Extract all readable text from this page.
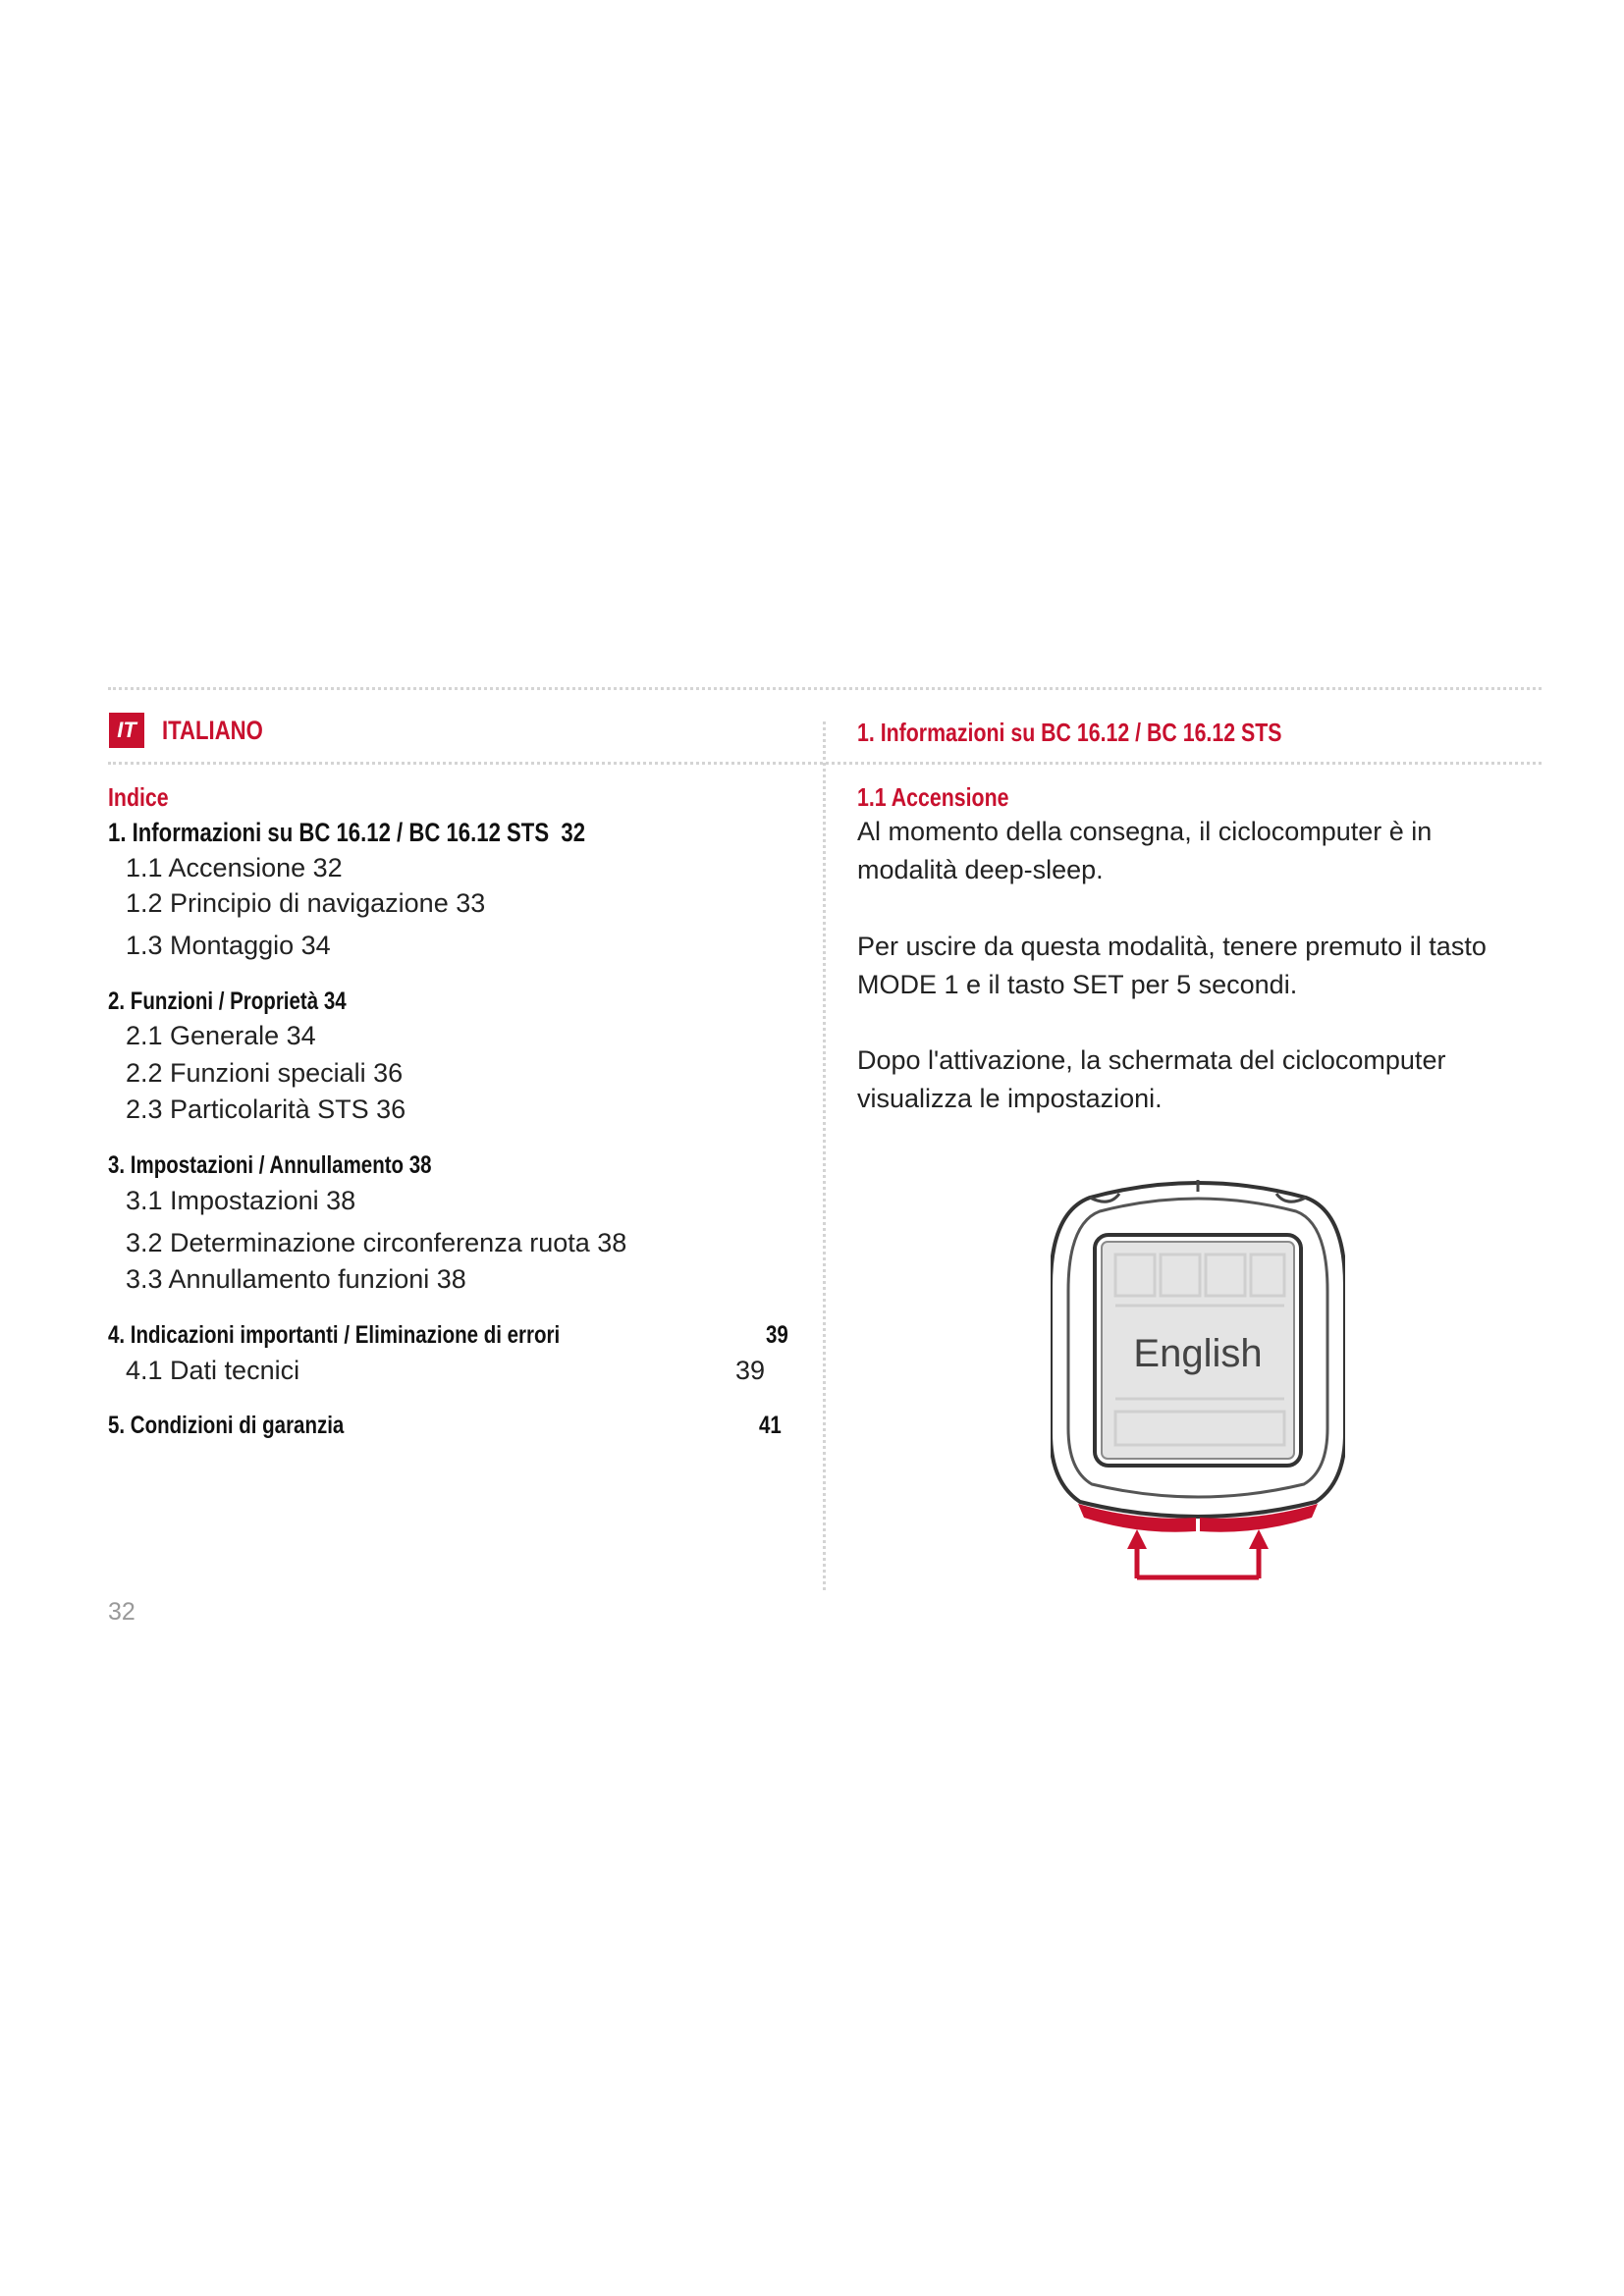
IT ITALIANO	1. Informazioni su BC 16.12 / BC 16.12 STS
Indice
1. Informazioni su BC 16.12 / BC 16.12 STS 32
1.1 Accensione 32
1.2 Principio di navigazione 33
1.3 Montaggio 34
2. Funzioni / Proprietà 34
2.1 Generale 34
2.2 Funzioni speciali 36
2.3 Particolarità STS 36
3. Impostazioni / Annullamento 38
3.1 Impostazioni 38
3.2 Determinazione circonferenza ruota 38
3.3 Annullamento funzioni 38
4. Indicazioni importanti / Eliminazione di errori	39
4.1 Dati tecnici	39
5. Condizioni di garanzia	41
1.1 Accensione
Al momento della consegna, il ciclocomputer è in modalità deep-sleep.
Per uscire da questa modalità, tenere premuto il tasto MODE 1 e il tasto SET per 5 secondi.
Dopo l'attivazione, la schermata del ciclocomputer visualizza le impostazioni.
English
32
